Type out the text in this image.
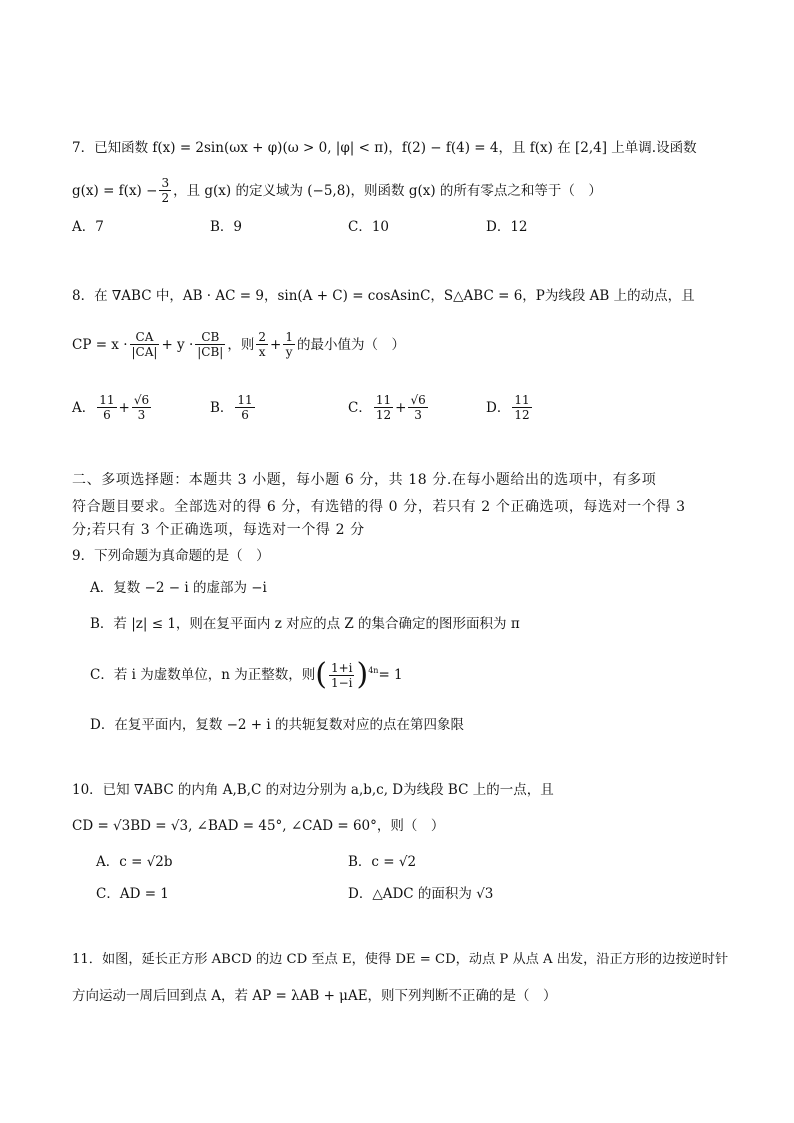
7．已知函数 f(x) = 2sin(ωx + φ)(ω > 0, |φ| < π)，f(2) − f(4) = 4，且 f(x) 在 [2,4] 上单调.设函数
$g(x) = f(x) - \frac{3}{2}$ ，且 g(x) 的定义域为 (−5,8)，则函数 g(x) 的所有零点之和等于（　）
A．7	B．9	C．10	D．12
8．在 ∇ABC 中，AB · AC = 9，sin(A + C) = cosAsinC，S△ABC = 6，P为线段 AB 上的动点，且
CP = $x \cdot \frac{CA}{|CA|} + y \cdot \frac{CB}{|CB|}$ ，则 $\frac{2}{x} + \frac{1}{y}$ 的最小值为（　）
A． $\frac{11}{6} + \frac{√6}{3}$	B． $\frac{11}{6}$	C． $\frac{11}{12} + \frac{√6}{3}$	D． $\frac{11}{12}$
二、多项选择题：本题共 3 小题，每小题 6 分，共 18 分.在每小题给出的选项中，有多项
符合题目要求。全部选对的得 6 分，有选错的得 0 分，若只有 2 个正确选项，每选对一个得 3
分;若只有 3 个正确选项，每选对一个得 2 分
9．下列命题为真命题的是（　）
A．复数 −2 − i 的虚部为 −i
B．若 |z| ≤ 1，则在复平面内 z 对应的点 Z 的集合确定的图形面积为 π
C．若 i 为虚数单位，n 为正整数，则 ( $\frac{1+i}{1-i} )^{4n} = 1$
D．在复平面内，复数 −2 + i 的共轭复数对应的点在第四象限
10．已知 ∇ABC 的内角 A,B,C 的对边分别为 a,b,c, D为线段 BC 上的一点，且
CD = √3BD = √3, ∠BAD = 45°, ∠CAD = 60°，则（　）
A．c = √2b	B．c = √2
C．AD = 1	D．△ADC 的面积为 √3
11．如图，延长正方形 ABCD 的边 CD 至点 E，使得 DE = CD，动点 P 从点 A 出发，沿正方形的边按逆时针
方向运动一周后回到点 A，若 AP = λAB + μAE，则下列判断不正确的是（　）
